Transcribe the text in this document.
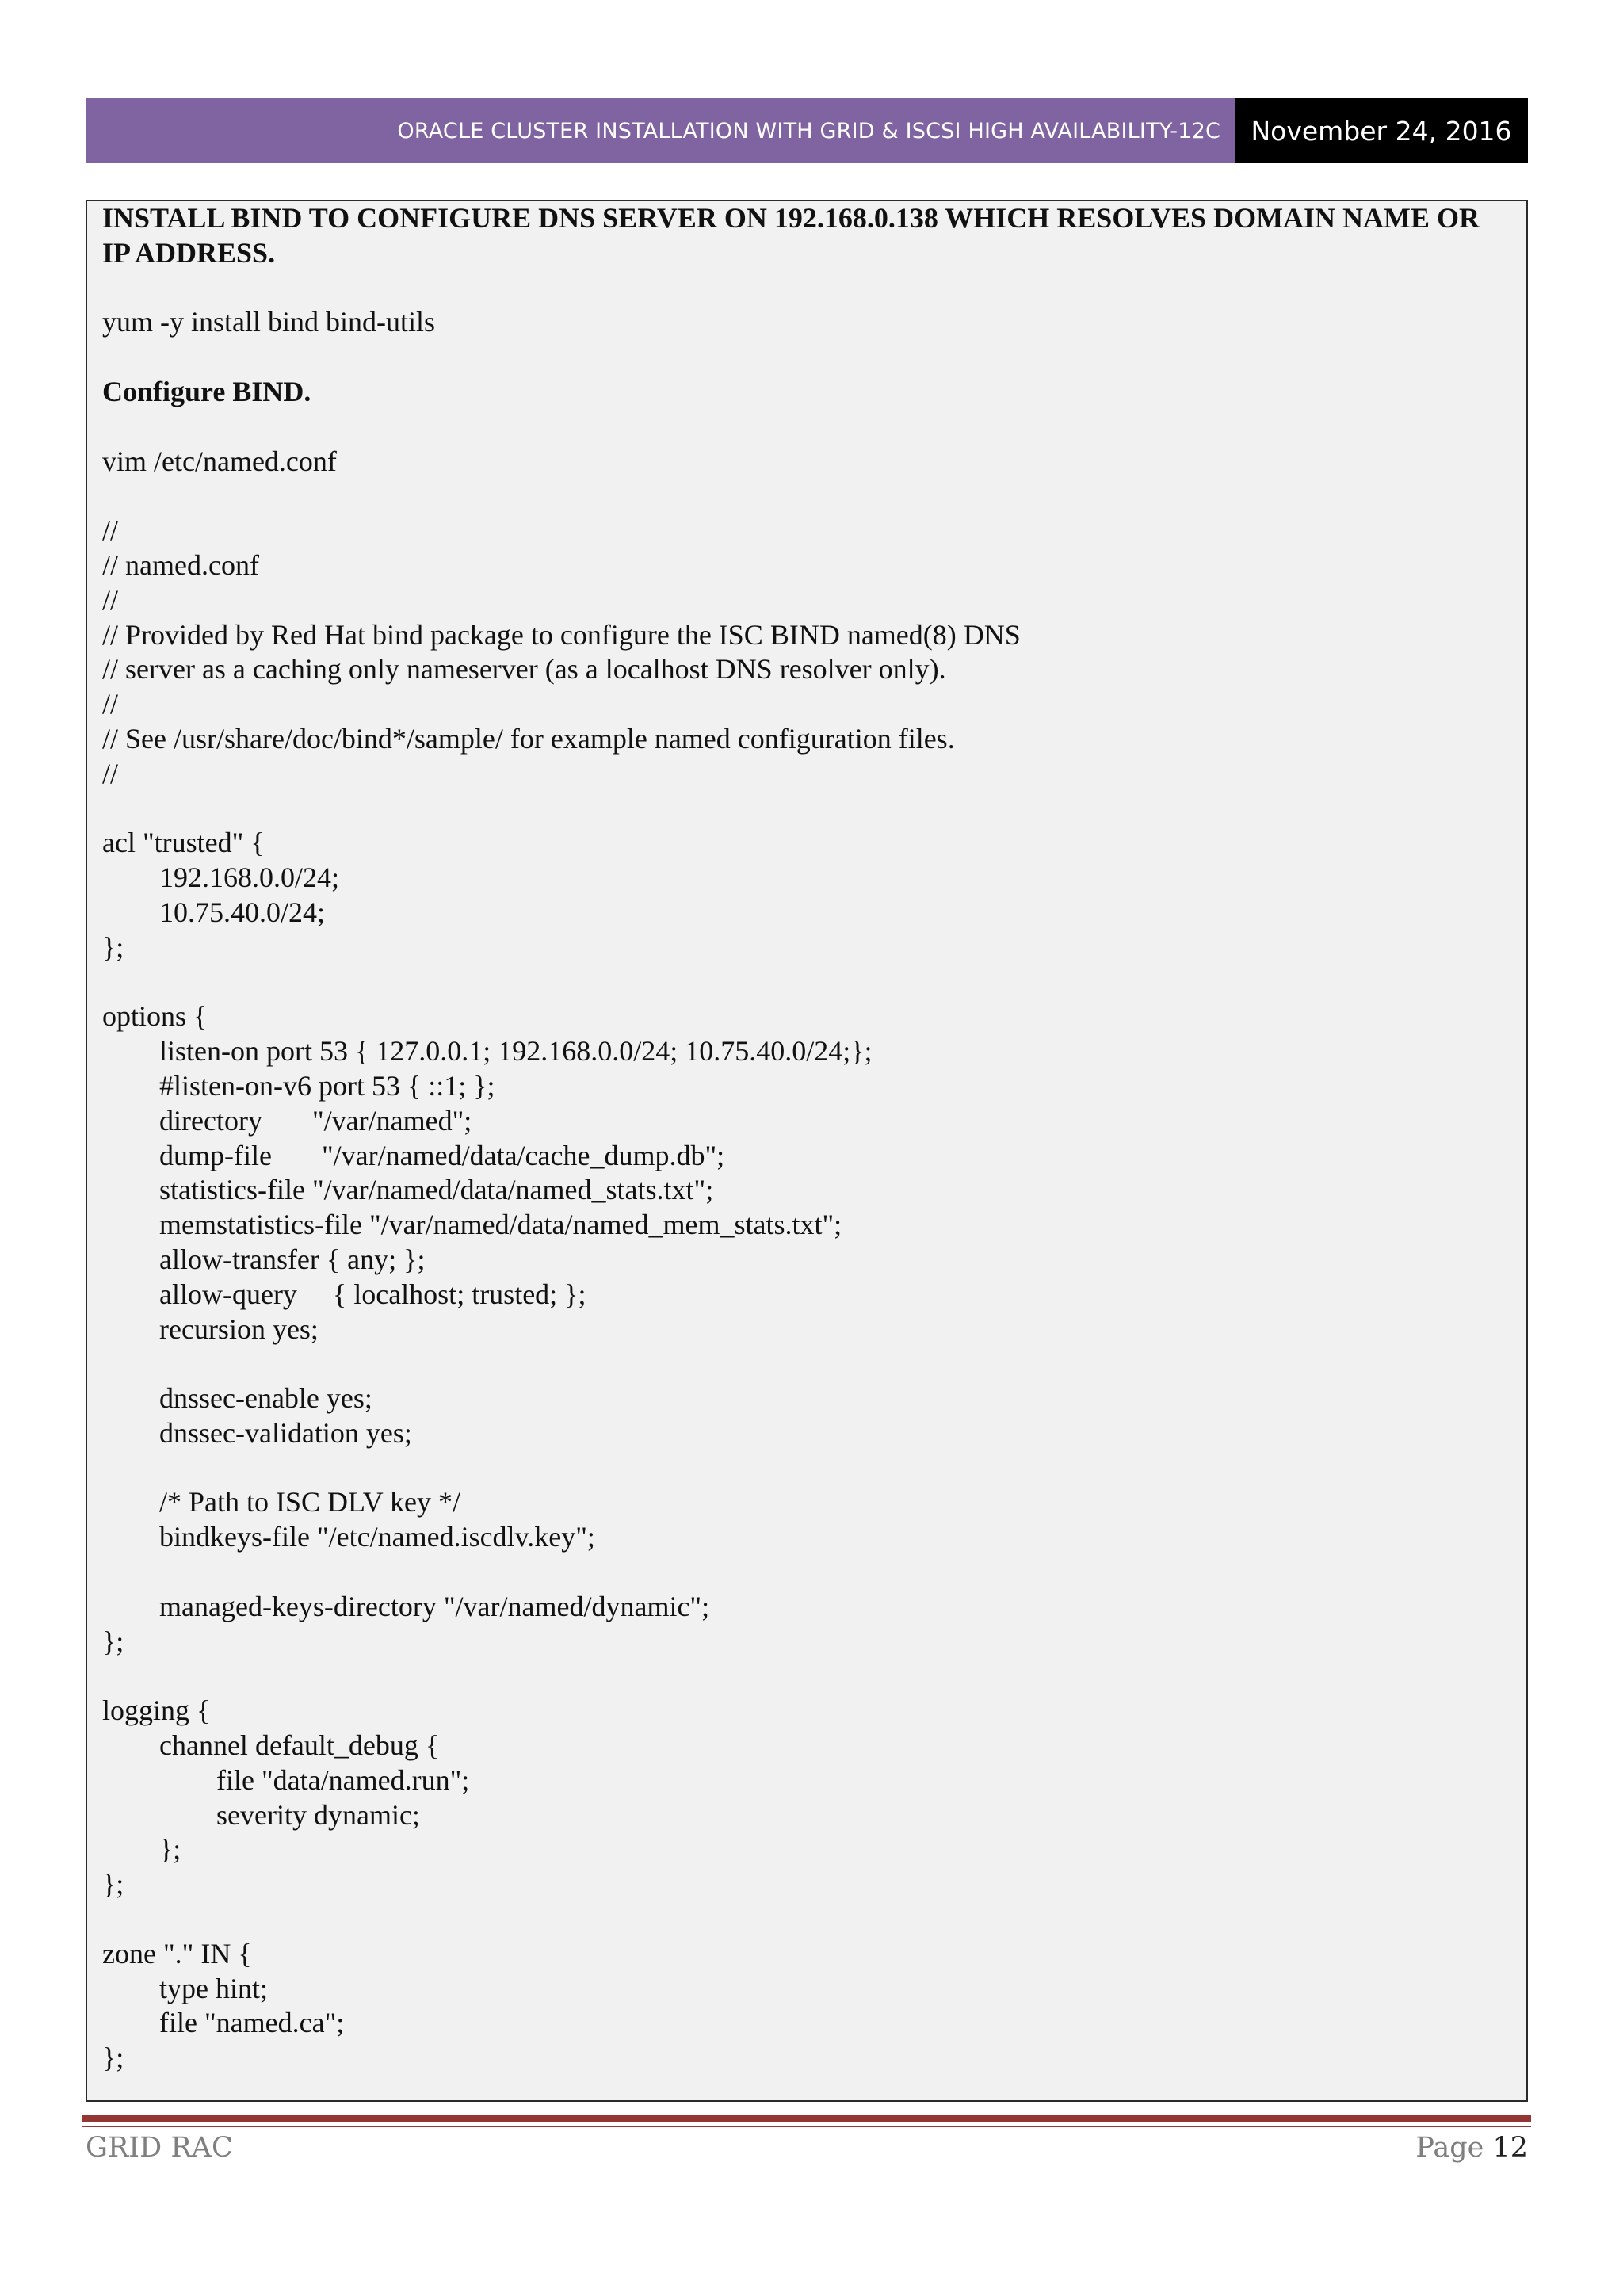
ORACLE CLUSTER INSTALLATION WITH GRID & ISCSI HIGH AVAILABILITY-12C	November 24, 2016
INSTALL BIND TO CONFIGURE DNS SERVER ON 192.168.0.138 WHICH RESOLVES DOMAIN NAME OR IP ADDRESS.
yum -y install bind bind-utils
Configure BIND.
vim /etc/named.conf
//
// named.conf
//
// Provided by Red Hat bind package to configure the ISC BIND named(8) DNS
// server as a caching only nameserver (as a localhost DNS resolver only).
//
// See /usr/share/doc/bind*/sample/ for example named configuration files.
//
acl "trusted" {
192.168.0.0/24;
10.75.40.0/24;
};
options {
listen-on port 53 { 127.0.0.1; 192.168.0.0/24; 10.75.40.0/24;};
#listen-on-v6 port 53 { ::1; };
directory       "/var/named";
dump-file       "/var/named/data/cache_dump.db";
statistics-file "/var/named/data/named_stats.txt";
memstatistics-file "/var/named/data/named_mem_stats.txt";
allow-transfer { any; };
allow-query     { localhost; trusted; };
recursion yes;
dnssec-enable yes;
dnssec-validation yes;
/* Path to ISC DLV key */
bindkeys-file "/etc/named.iscdlv.key";
managed-keys-directory "/var/named/dynamic";
};
logging {
channel default_debug {
file "data/named.run";
severity dynamic;
};
};
zone "." IN {
type hint;
file "named.ca";
};
GRID RAC	Page 12
